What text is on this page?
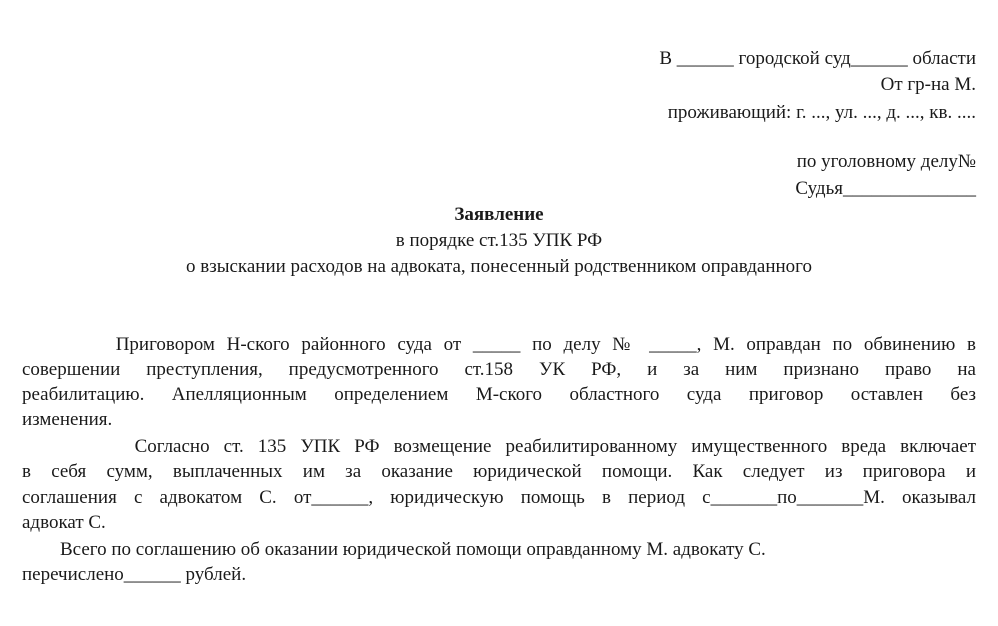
В ______ городской суд______ области
От гр-на М.
проживающий: г. ..., ул. ..., д. ..., кв. ....
по уголовному делу№
Судья______________
Заявление
в порядке ст.135 УПК РФ
о взыскании расходов на адвоката, понесенный родственником оправданного
Приговором Н-ского районного суда от _____ по делу № _____, М. оправдан по обвинению в
совершении преступления, предусмотренного ст.158 УК РФ, и за ним признано право на
реабилитацию. Апелляционным определением М-ского областного суда приговор оставлен без
изменения.
Согласно ст. 135 УПК РФ возмещение реабилитированному имущественного вреда включает
в себя сумм, выплаченных им за оказание юридической помощи. Как следует из приговора и
соглашения с адвокатом С. от______, юридическую помощь в период с_______по_______М. оказывал
адвокат С.
Всего по соглашению об оказании юридической помощи оправданному М. адвокату С.
перечислено______ рублей.
